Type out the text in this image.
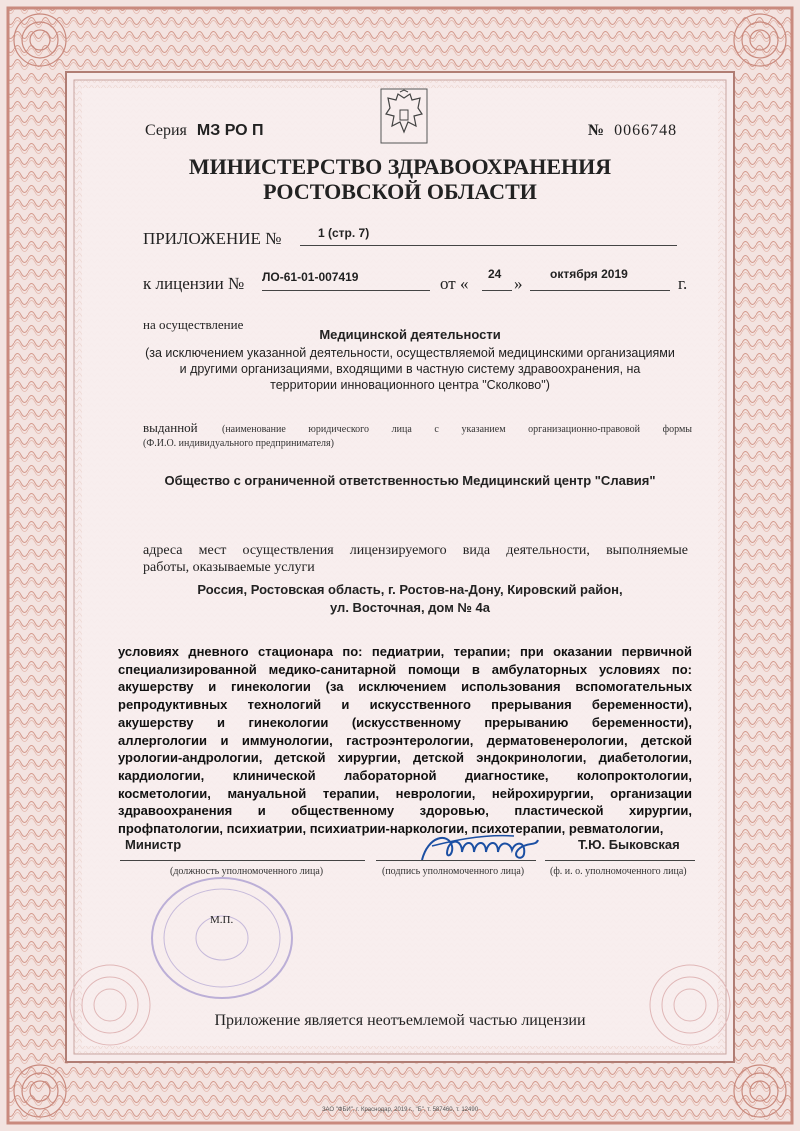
Серия МЗ РО П	№ 0066748
МИНИСТЕРСТВО ЗДРАВООХРАНЕНИЯ
РОСТОВСКОЙ ОБЛАСТИ
ПРИЛОЖЕНИЕ №	1 (стр. 7)
к лицензии № ЛО-61-01-007419	от « 24 » октября 2019	г.
на осуществление
Медицинской деятельности
(за исключением указанной деятельности, осуществляемой медицинскими организациями
и другими организациями, входящими в частную систему здравоохранения, на
территории инновационного центра "Сколково")
выданной (наименование юридического лица с указанием организационно-правовой формы
(Ф.И.О. индивидуального предпринимателя)
Общество с ограниченной ответственностью Медицинский центр "Славия"
адреса мест осуществления лицензируемого вида деятельности, выполняемые
работы, оказываемые услуги
Россия, Ростовская область, г. Ростов-на-Дону, Кировский район,
ул. Восточная, дом № 4а
условиях дневного стационара по: педиатрии, терапии; при оказании первичной
специализированной медико-санитарной помощи в амбулаторных условиях по:
акушерству и гинекологии (за исключением использования вспомогательных
репродуктивных технологий и искусственного прерывания беременности),
акушерству и гинекологии (искусственному прерыванию беременности),
аллергологии и иммунологии, гастроэнтерологии, дерматовенерологии, детской
урологии-андрологии, детской хирургии, детской эндокринологии, диабетологии,
кардиологии, клинической лабораторной диагностике, колопроктологии,
косметологии, мануальной терапии, неврологии, нейрохирургии, организации
здравоохранения и общественному здоровью, пластической хирургии,
профпатологии, психиатрии, психиатрии-наркологии, психотерапии, ревматологии,
Министр
(должность уполномоченного лица)	(подпись уполномоченного лица)
Т.Ю. Быковская
(ф. и. о. уполномоченного лица)
М.П.
Приложение является неотъемлемой частью лицензии
ЗАО "ФБИ", г. Краснодар, 2019 г., "Б", т. 587460, т. 12490
